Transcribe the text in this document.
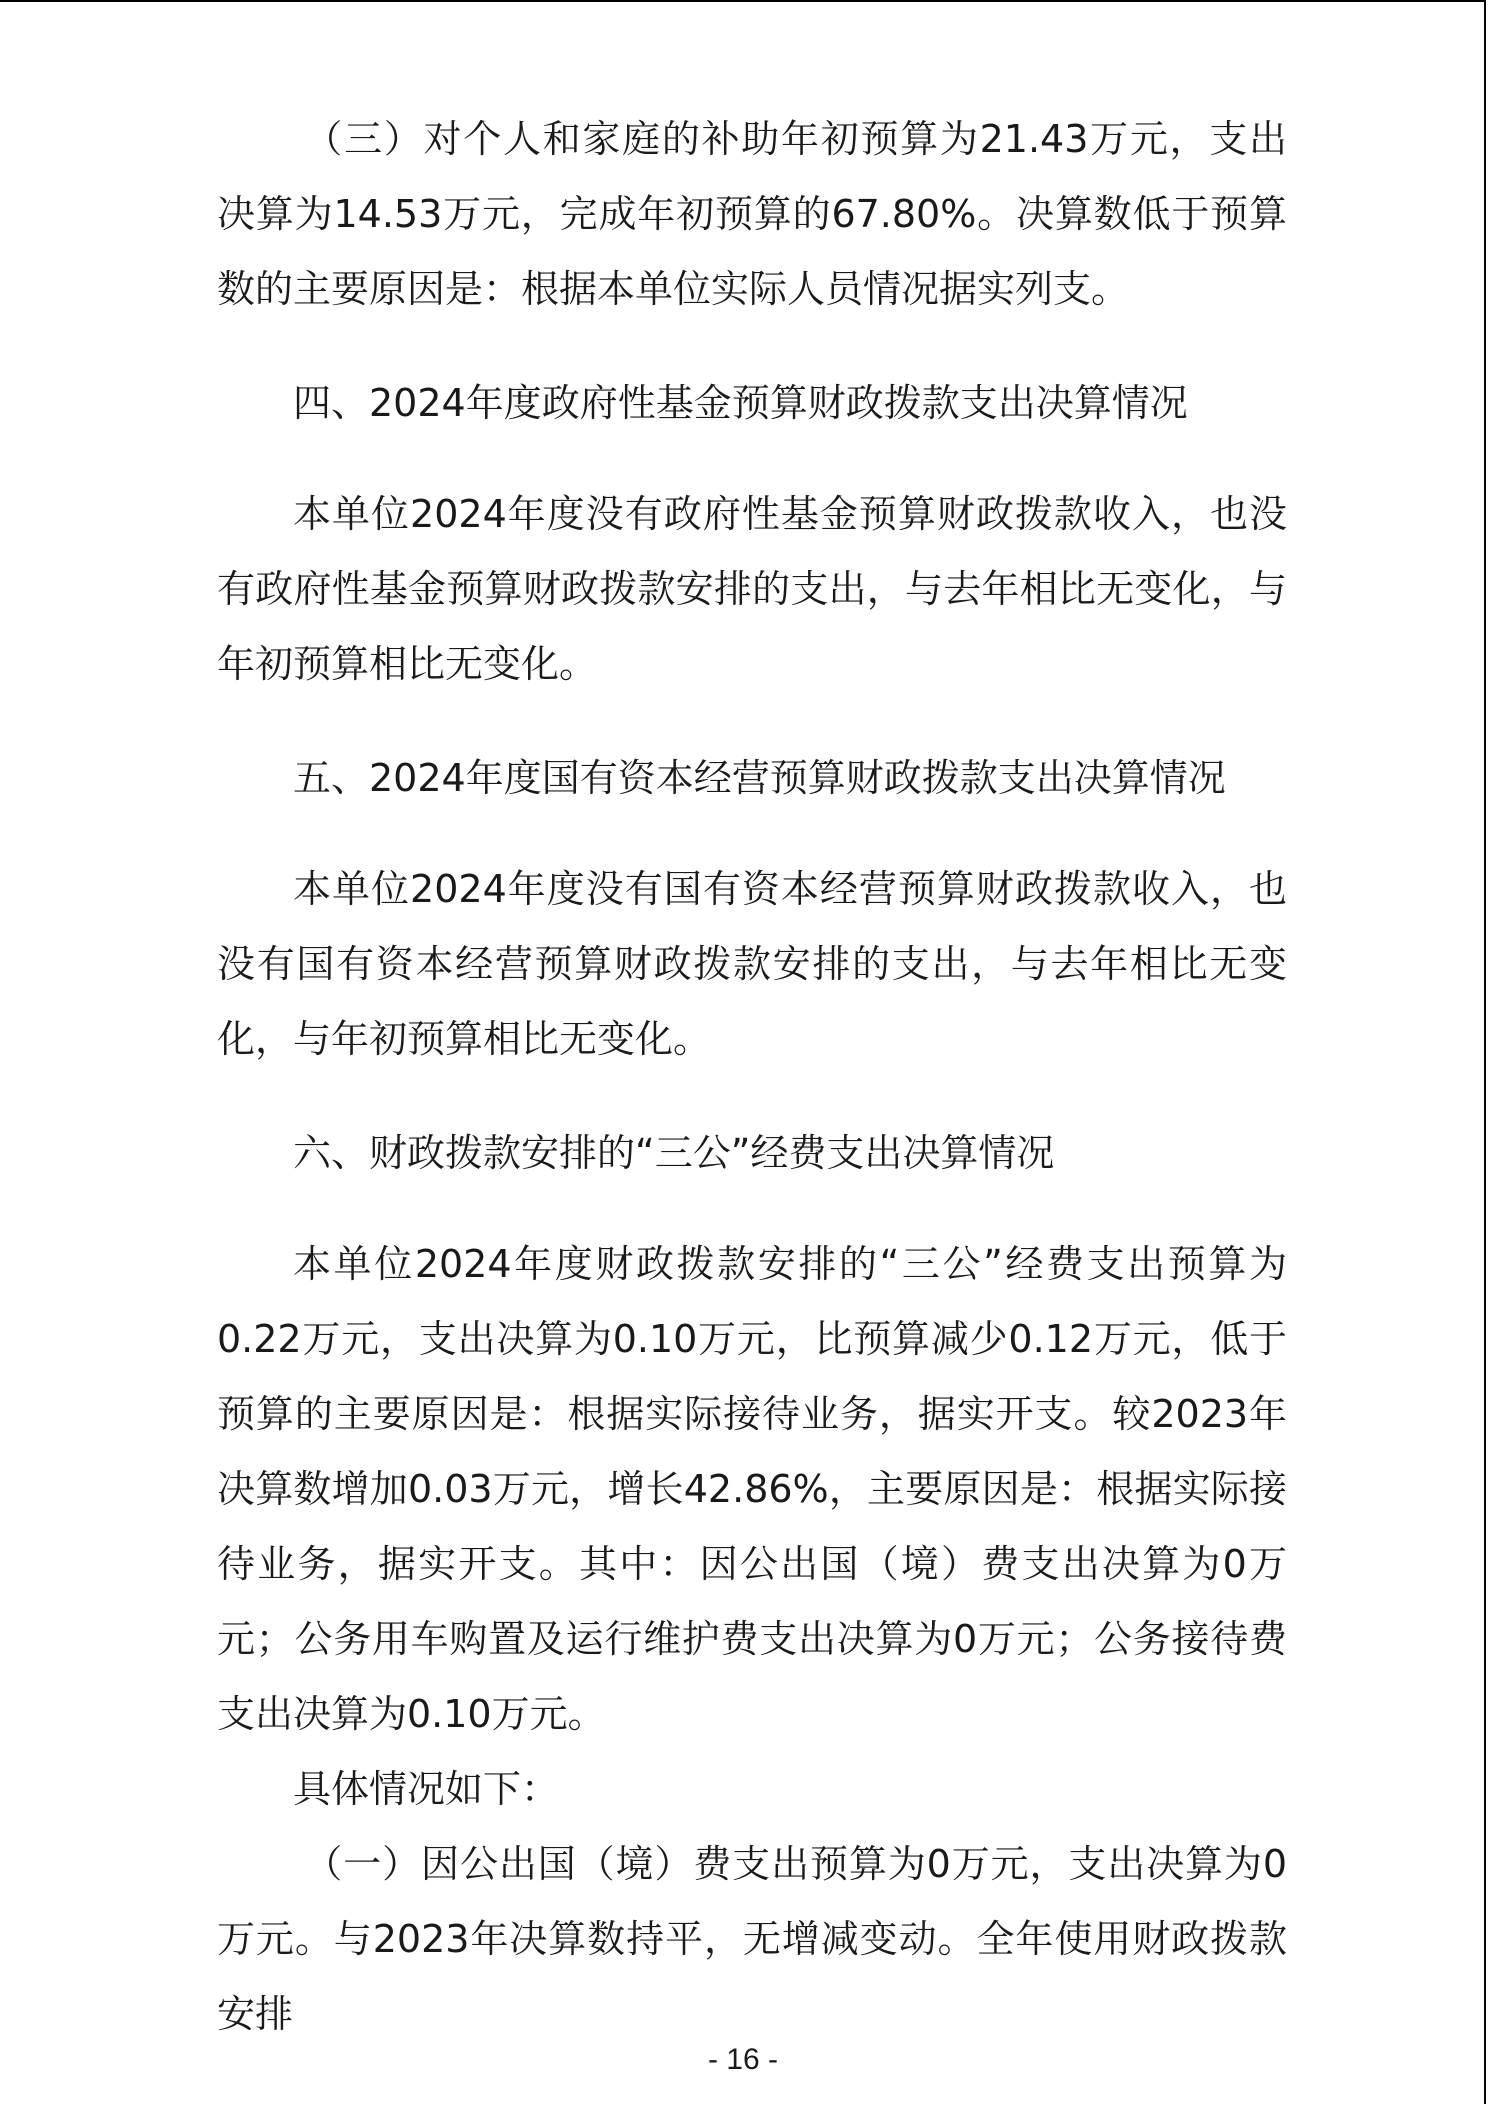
（三）对个人和家庭的补助年初预算为21.43万元，支出决算为14.53万元，完成年初预算的67.80%。决算数低于预算数的主要原因是：根据本单位实际人员情况据实列支。

四、2024年度政府性基金预算财政拨款支出决算情况

本单位2024年度没有政府性基金预算财政拨款收入，也没有政府性基金预算财政拨款安排的支出，与去年相比无变化，与年初预算相比无变化。

五、2024年度国有资本经营预算财政拨款支出决算情况

本单位2024年度没有国有资本经营预算财政拨款收入，也没有国有资本经营预算财政拨款安排的支出，与去年相比无变化，与年初预算相比无变化。

六、财政拨款安排的“三公”经费支出决算情况

本单位2024年度财政拨款安排的“三公”经费支出预算为0.22万元，支出决算为0.10万元，比预算减少0.12万元，低于预算的主要原因是：根据实际接待业务，据实开支。较2023年决算数增加0.03万元，增长42.86%，主要原因是：根据实际接待业务，据实开支。其中：因公出国（境）费支出决算为0万元；公务用车购置及运行维护费支出决算为0万元；公务接待费支出决算为0.10万元。

具体情况如下：

（一）因公出国（境）费支出预算为0万元，支出决算为0万元。与2023年决算数持平，无增减变动。全年使用财政拨款安排

- 16 -
